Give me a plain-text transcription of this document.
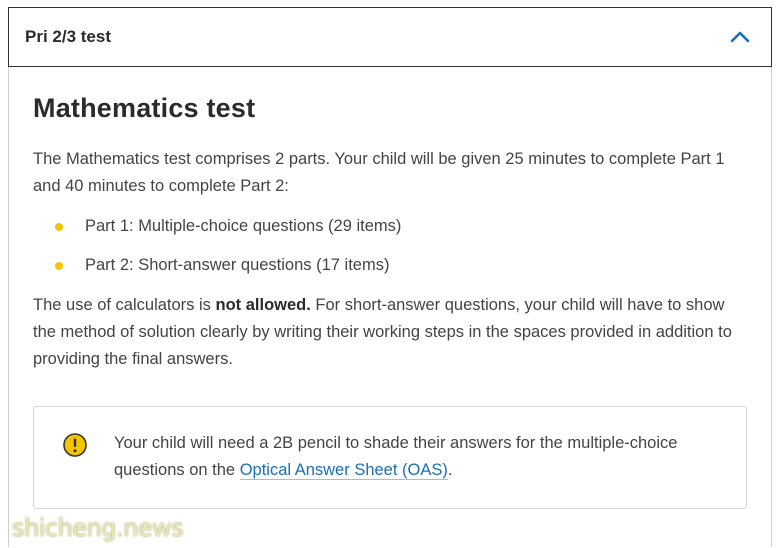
Pri 2/3 test
Mathematics test

The Mathematics test comprises 2 parts. Your child will be given 25 minutes to complete Part 1 and 40 minutes to complete Part 2:

Part 1: Multiple-choice questions (29 items)
Part 2: Short-answer questions (17 items)

The use of calculators is not allowed. For short-answer questions, your child will have to show the method of solution clearly by writing their working steps in the spaces provided in addition to providing the final answers.

Your child will need a 2B pencil to shade their answers for the multiple-choice questions on the Optical Answer Sheet (OAS).

shicheng.news
